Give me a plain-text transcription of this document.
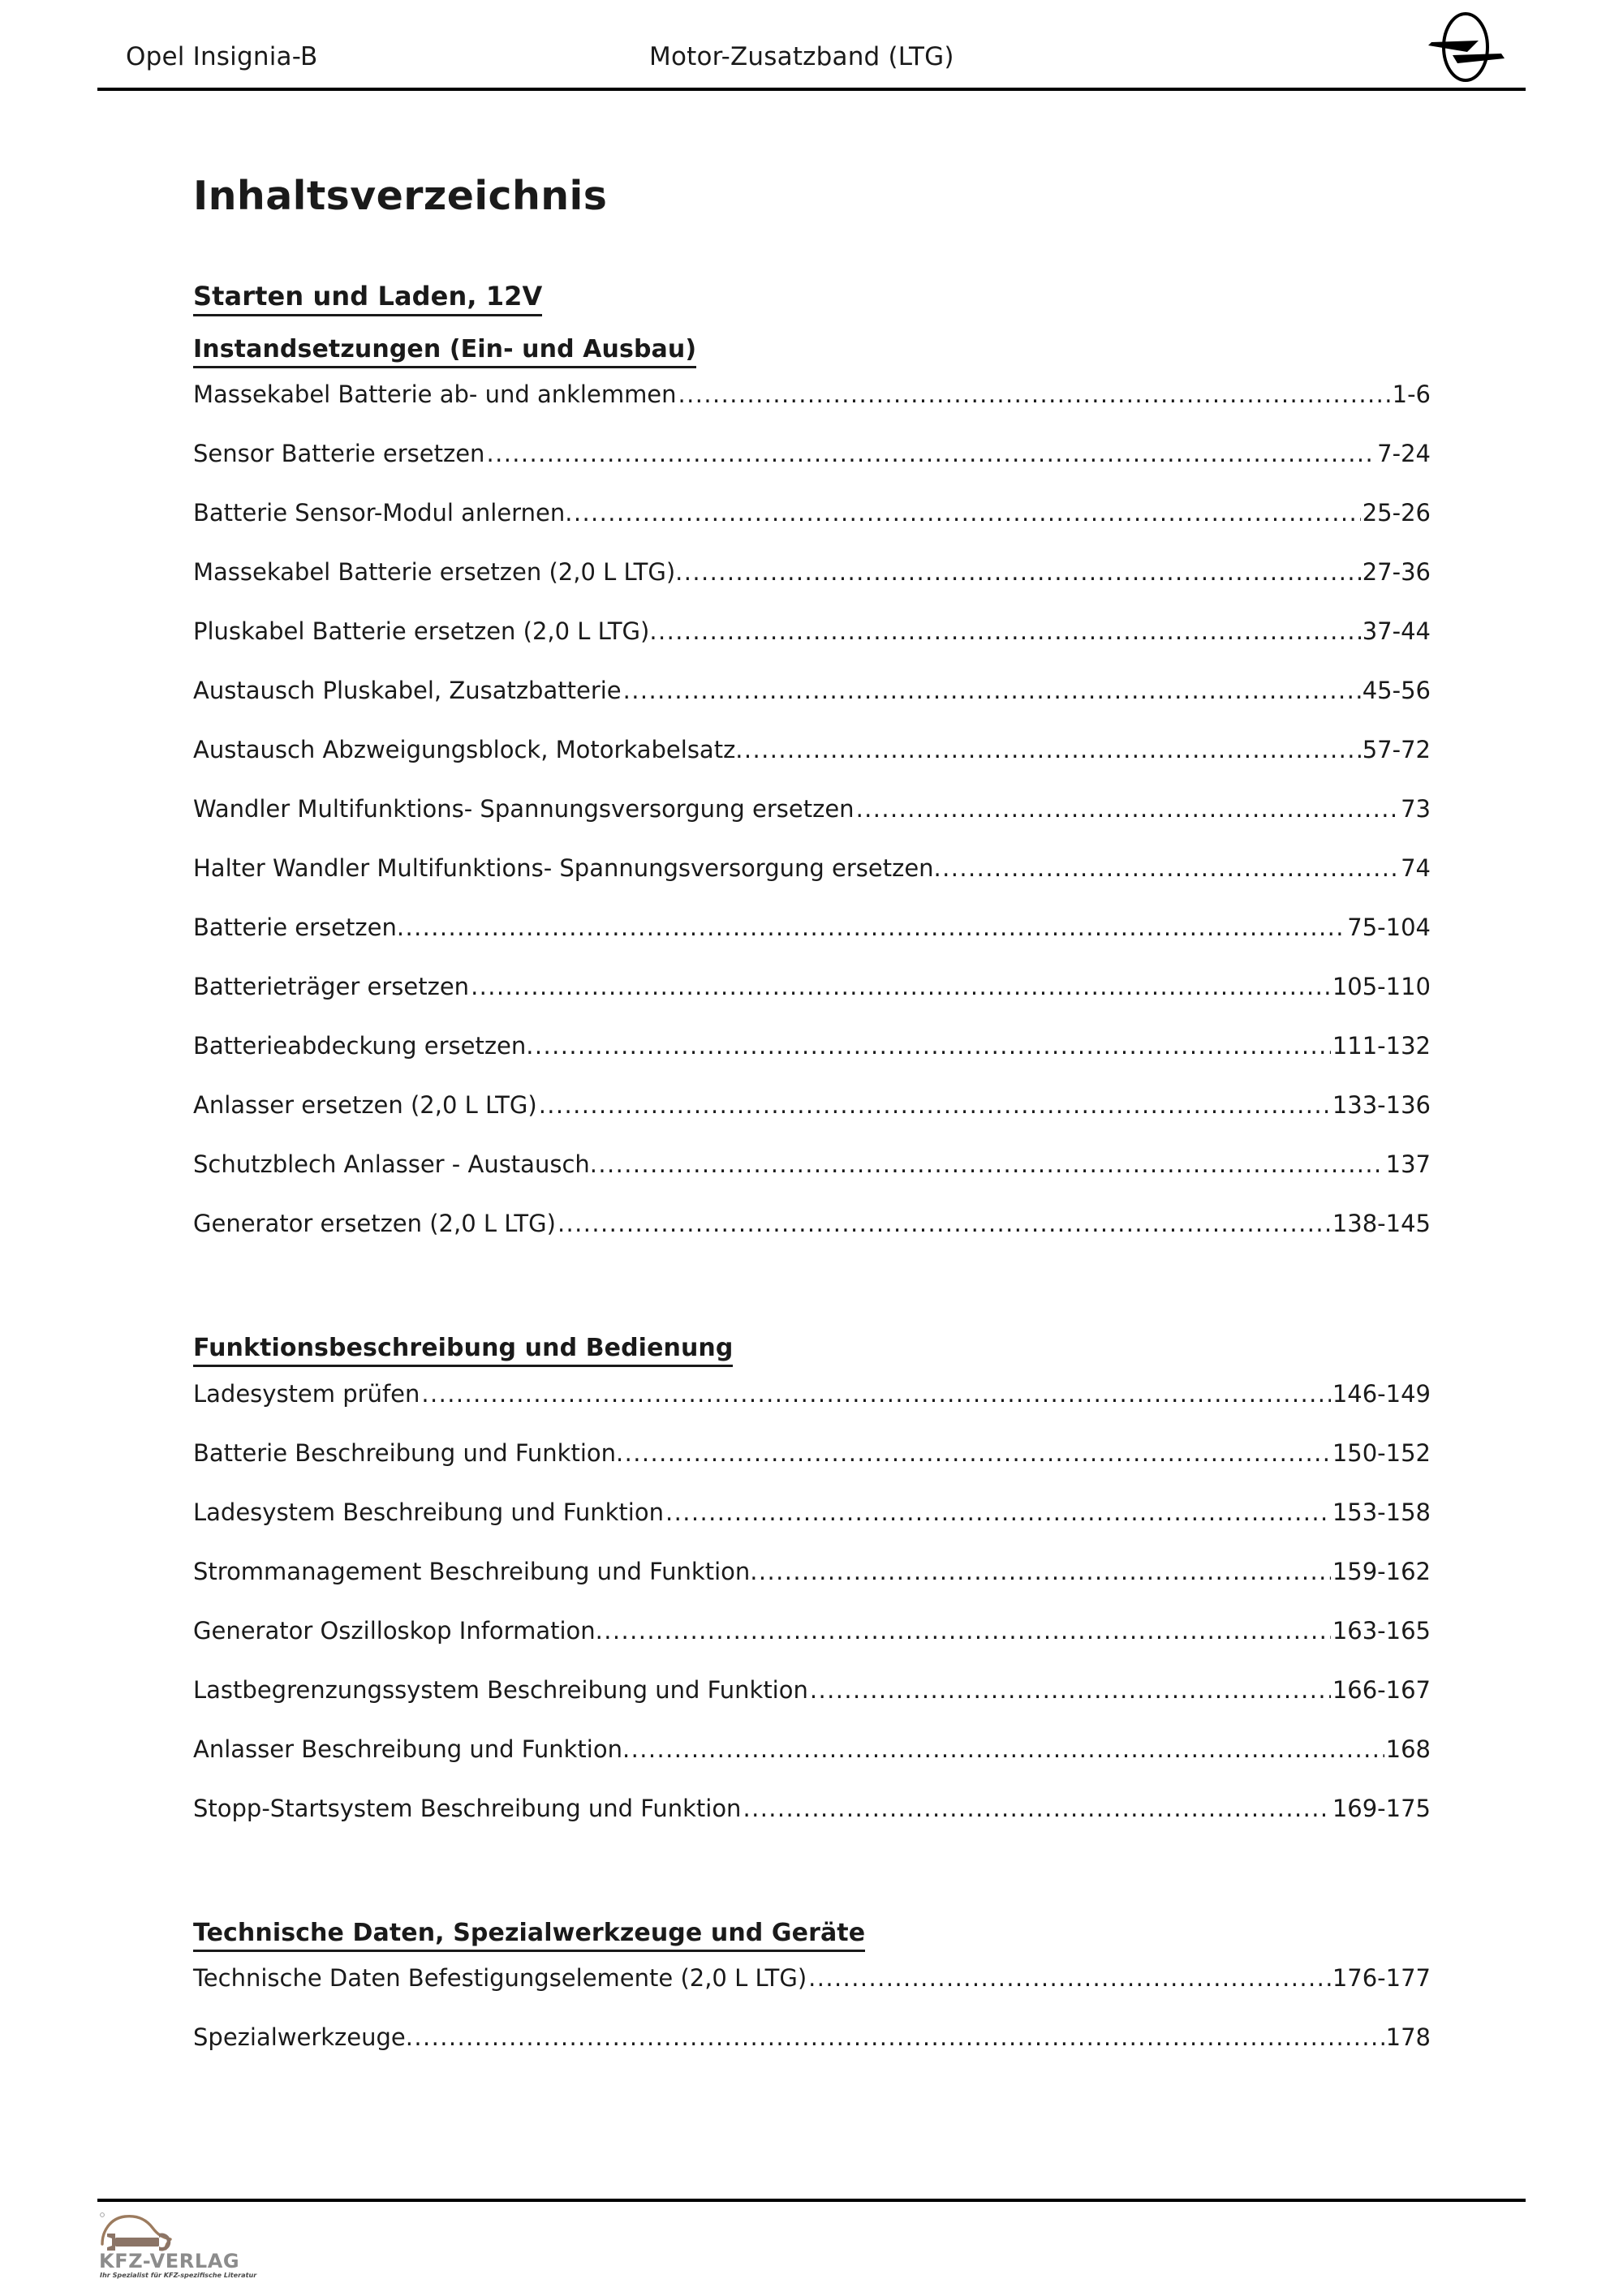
Opel Insignia-B	Motor-Zusatzband (LTG)
Inhaltsverzeichnis
Starten und Laden, 12V
Instandsetzungen (Ein- und Ausbau)
Massekabel Batterie ab- und anklemmen .....	1-6
Sensor Batterie ersetzen .....	7-24
Batterie Sensor-Modul anlernen .....	25-26
Massekabel Batterie ersetzen (2,0 L LTG) .....	27-36
Pluskabel Batterie ersetzen (2,0 L LTG) .....	37-44
Austausch Pluskabel, Zusatzbatterie .....	45-56
Austausch Abzweigungsblock, Motorkabelsatz .....	57-72
Wandler Multifunktions- Spannungsversorgung ersetzen .....	73
Halter Wandler Multifunktions- Spannungsversorgung ersetzen .....	74
Batterie ersetzen .....	75-104
Batterieträger ersetzen .....	105-110
Batterieabdeckung ersetzen .....	111-132
Anlasser ersetzen (2,0 L LTG) .....	133-136
Schutzblech Anlasser - Austausch .....	137
Generator ersetzen (2,0 L LTG) .....	138-145
Funktionsbeschreibung und Bedienung
Ladesystem prüfen .....	146-149
Batterie Beschreibung und Funktion .....	150-152
Ladesystem Beschreibung und Funktion .....	153-158
Strommanagement Beschreibung und Funktion .....	159-162
Generator Oszilloskop Information .....	163-165
Lastbegrenzungssystem Beschreibung und Funktion .....	166-167
Anlasser Beschreibung und Funktion .....	168
Stopp-Startsystem Beschreibung und Funktion .....	169-175
Technische Daten, Spezialwerkzeuge und Geräte
Technische Daten Befestigungselemente (2,0 L LTG) .....	176-177
Spezialwerkzeuge .....	178
KFZ-VERLAG
Ihr Spezialist für KFZ-spezifische Literatur
